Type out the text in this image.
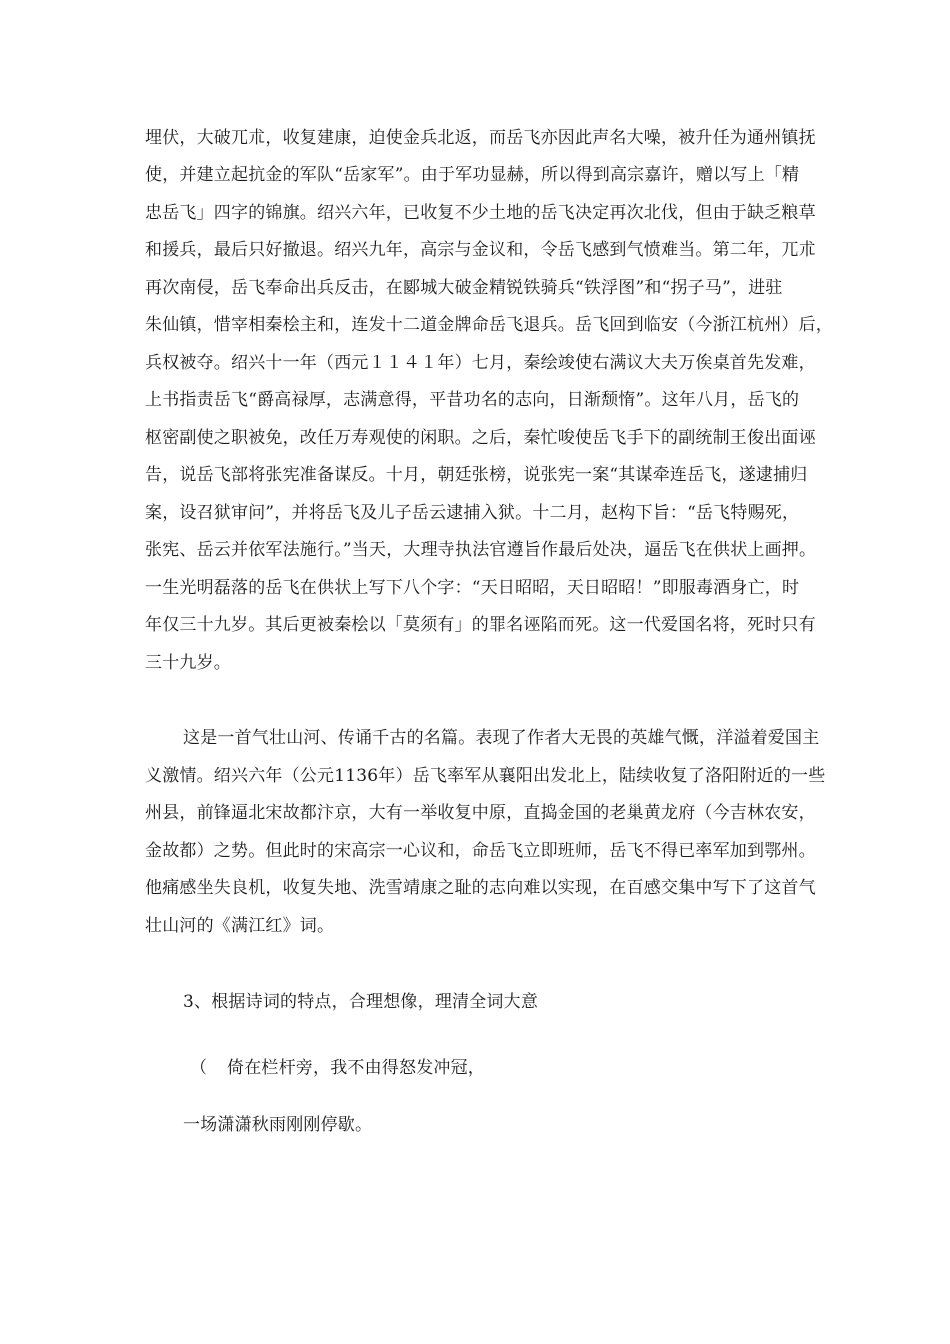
埋伏，大破兀朮，收复建康，迫使金兵北返，而岳飞亦因此声名大噪，被升任为通州镇抚
使，并建立起抗金的军队“岳家军”。由于军功显赫，所以得到高宗嘉许，赠以写上「精
忠岳飞」四字的锦旗。绍兴六年，已收复不少土地的岳飞决定再次北伐，但由于缺乏粮草
和援兵，最后只好撤退。绍兴九年，高宗与金议和，令岳飞感到气愤难当。第二年，兀朮
再次南侵，岳飞奉命出兵反击，在郾城大破金精锐铁骑兵“铁浮图”和“拐子马”，进驻
朱仙镇，惜宰相秦桧主和，连发十二道金牌命岳飞退兵。岳飞回到临安（今浙江杭州）后，
兵权被夺。绍兴十一年（西元１１４１年）七月，秦绘竣使右满议大夫万俟桌首先发难，
上书指责岳飞“爵高禄厚，志满意得，平昔功名的志向，日渐颓惰”。这年八月，岳飞的
枢密副使之职被免，改任万寿观使的闲职。之后，秦忙唆使岳飞手下的副统制王俊出面诬
告，说岳飞部将张宪准备谋反。十月，朝廷张榜，说张宪一案“其谋牵连岳飞，遂逮捕归
案，设召狱审问”，并将岳飞及儿子岳云逮捕入狱。十二月，赵构下旨：“岳飞特赐死，
张宪、岳云并依军法施行。”当天，大理寺执法官遵旨作最后处决，逼岳飞在供状上画押。
一生光明磊落的岳飞在供状上写下八个字：“天日昭昭，天日昭昭！”即服毒酒身亡，时
年仅三十九岁。其后更被秦桧以「莫须有」的罪名诬陷而死。这一代爱国名将，死时只有
三十九岁。
这是一首气壮山河、传诵千古的名篇。表现了作者大无畏的英雄气慨，洋溢着爱国主
义激情。绍兴六年（公元1136年）岳飞率军从襄阳出发北上，陆续收复了洛阳附近的一些
州县，前锋逼北宋故都汴京，大有一举收复中原，直捣金国的老巢黄龙府（今吉林农安，
金故都）之势。但此时的宋高宗一心议和，命岳飞立即班师，岳飞不得已率军加到鄂州。
他痛感坐失良机，收复失地、洗雪靖康之耻的志向难以实现，在百感交集中写下了这首气
壮山河的《满江红》词。
3、根据诗词的特点，合理想像，理清全词大意
（ 倚在栏杆旁，我不由得怒发冲冠，
一场潇潇秋雨刚刚停歇。
